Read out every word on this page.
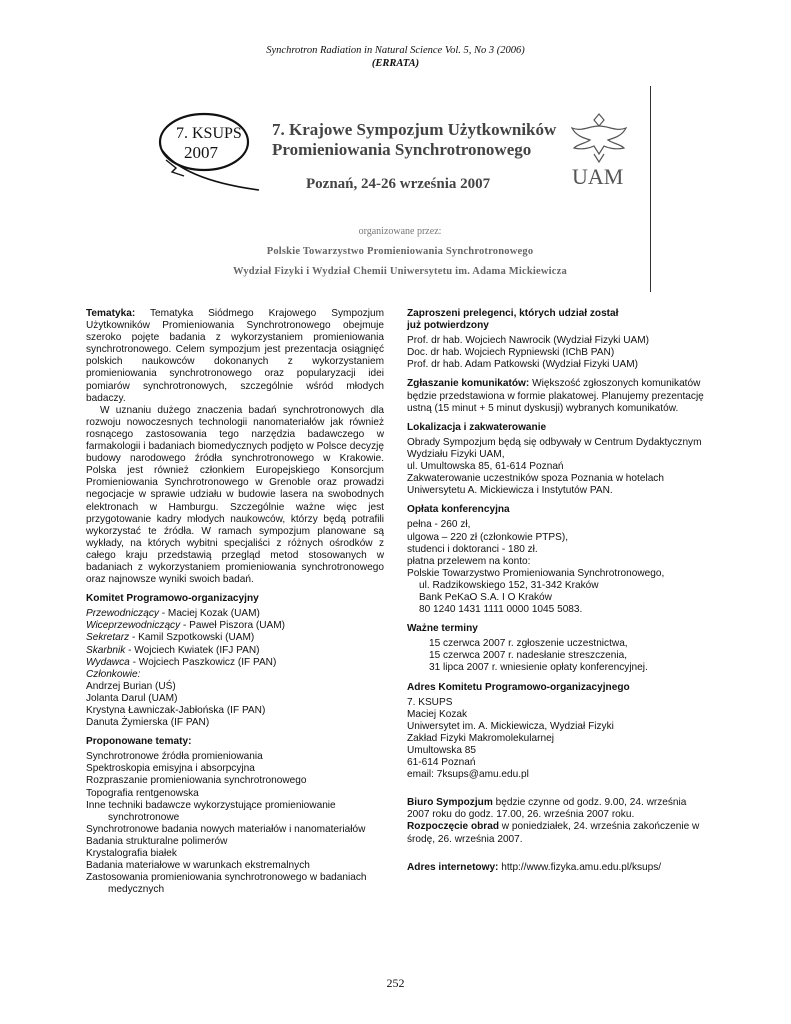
Synchrotron Radiation in Natural Science Vol. 5, No 3 (2006)
(ERRATA)
7. KSUPS
2007
7. Krajowe Sympozjum Użytkowników
Promieniowania Synchrotronowego
Poznań, 24-26 września 2007
organizowane przez:
Polskie Towarzystwo Promieniowania Synchrotronowego
Wydział Fizyki i Wydział Chemii Uniwersytetu im. Adama Mickiewicza
UAM
Tematyka: Tematyka Siódmego Krajowego Sympozjum Użytkowników Promieniowania Synchrotronowego obejmuje szeroko pojęte badania z wykorzystaniem promieniowania synchrotronowego. Celem sympozjum jest prezentacja osiągnięć polskich naukowców dokonanych z wykorzystaniem promieniowania synchrotronowego oraz popularyzacji idei pomiarów synchrotronowych, szczególnie wśród młodych badaczy.
W uznaniu dużego znaczenia badań synchrotronowych dla rozwoju nowoczesnych technologii nanomateriałów jak również rosnącego zastosowania tego narzędzia badawczego w farmakologii i badaniach biomedycznych podjęto w Polsce decyzję budowy narodowego źródła synchrotronowego w Krakowie. Polska jest również członkiem Europejskiego Konsorcjum Promieniowania Synchrotronowego w Grenoble oraz prowadzi negocjacje w sprawie udziału w budowie lasera na swobodnych elektronach w Hamburgu. Szczególnie ważne więc jest przygotowanie kadry młodych naukowców, którzy będą potrafili wykorzystać te źródła. W ramach sympozjum planowane są wykłady, na których wybitni specjaliści z różnych ośrodków z całego kraju przedstawią przegląd metod stosowanych w badaniach z wykorzystaniem promieniowania synchrotronowego oraz najnowsze wyniki swoich badań.
Komitet Programowo-organizacyjny
Przewodniczący - Maciej Kozak (UAM)
Wiceprzewodniczący - Paweł Piszora (UAM)
Sekretarz - Kamil Szpotkowski (UAM)
Skarbnik - Wojciech Kwiatek (IFJ PAN)
Wydawca - Wojciech Paszkowicz (IF PAN)
Członkowie:
Andrzej Burian (UŚ)
Jolanta Darul (UAM)
Krystyna Ławniczak-Jabłońska (IF PAN)
Danuta Żymierska (IF PAN)
Proponowane tematy:
Synchrotronowe źródła promieniowania
Spektroskopia emisyjna i absorpcyjna
Rozpraszanie promieniowania synchrotronowego
Topografia rentgenowska
Inne techniki badawcze wykorzystujące promieniowanie synchrotronowe
Synchrotronowe badania nowych materiałów i nanomateriałów
Badania strukturalne polimerów
Krystalografia białek
Badania materiałowe w warunkach ekstremalnych
Zastosowania promieniowania synchrotronowego w badaniach medycznych
Zaproszeni prelegenci, których udział został
już potwierdzony
Prof. dr hab. Wojciech Nawrocik (Wydział Fizyki UAM)
Doc. dr hab. Wojciech Rypniewski (IChB PAN)
Prof. dr hab. Adam Patkowski (Wydział Fizyki UAM)
Zgłaszanie komunikatów: Większość zgłoszonych komunikatów będzie przedstawiona w formie plakatowej. Planujemy prezentację ustną (15 minut + 5 minut dyskusji) wybranych komunikatów.
Lokalizacja i zakwaterowanie
Obrady Sympozjum będą się odbywały w Centrum Dydaktycznym Wydziału Fizyki UAM,
ul. Umultowska 85, 61-614 Poznań
Zakwaterowanie uczestników spoza Poznania w hotelach Uniwersytetu A. Mickiewicza i Instytutów PAN.
Opłata konferencyjna
pełna - 260 zł,
ulgowa – 220 zł (członkowie PTPS),
studenci i doktoranci - 180 zł.
płatna przelewem na konto:
Polskie Towarzystwo Promieniowania Synchrotronowego,
ul. Radzikowskiego 152, 31-342 Kraków
Bank PeKaO S.A. I O Kraków
80 1240 1431 1111 0000 1045 5083.
Ważne terminy
15 czerwca 2007 r. zgłoszenie uczestnictwa,
15 czerwca 2007 r. nadesłanie streszczenia,
31 lipca 2007 r. wniesienie opłaty konferencyjnej.
Adres Komitetu Programowo-organizacyjnego
7. KSUPS
Maciej Kozak
Uniwersytet im. A. Mickiewicza, Wydział Fizyki
Zakład Fizyki Makromolekularnej
Umultowska 85
61-614 Poznań
email: 7ksups@amu.edu.pl
Biuro Sympozjum będzie czynne od godz. 9.00, 24. września 2007 roku do godz. 17.00, 26. września 2007 roku.
Rozpoczęcie obrad w poniedziałek, 24. września zakończenie w środę, 26. września 2007.
Adres internetowy: http://www.fizyka.amu.edu.pl/ksups/
252
